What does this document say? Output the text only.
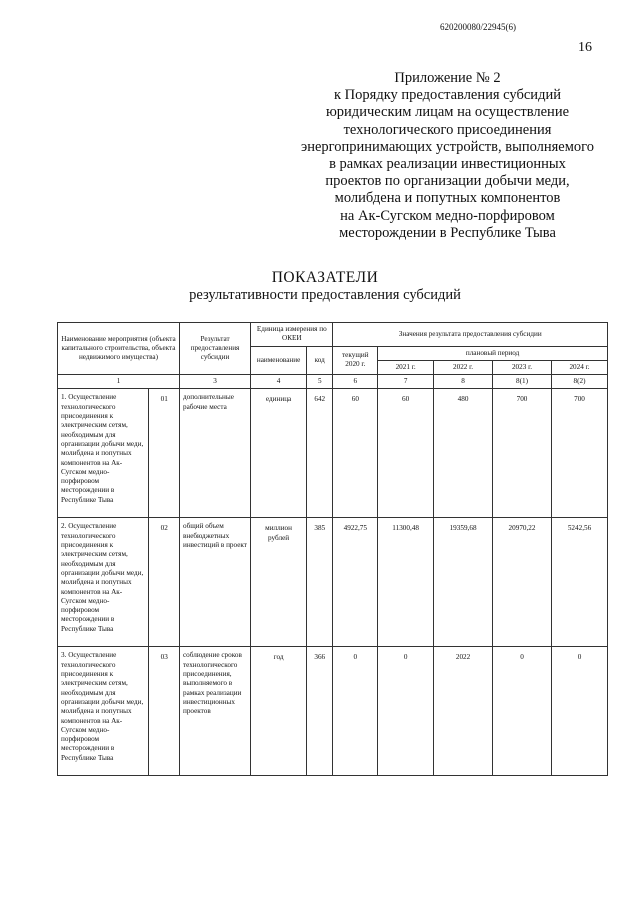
620200080/22945(6)
16
Приложение № 2
к Порядку предоставления субсидий
юридическим лицам на осуществление
технологического присоединения
энергопринимающих устройств, выполняемого
в рамках реализации инвестиционных
проектов по организации добычи меди,
молибдена и попутных компонентов
на Ак-Сугском медно-порфировом
месторождении в Республике Тыва
ПОКАЗАТЕЛИ
результативности предоставления субсидий
Наименование мероприятия (объекта капитального строительства, объекта недвижимого имущества)		Результат предоставления субсидии	Единица измерения по ОКЕИ		Значения результата предоставления субсидии				
			наименование	код	текущий 2020 г.	плановый период			
						2021 г.	2022 г.	2023 г.	2024 г.
1		3	4	5	6	7	8	8(1)	8(2)
1. Осуществление технологического присоединения к электрическим сетям, необходимым для организации добычи меди, молибдена и попутных компонентов на Ак-Сугском медно-порфировом месторождении в Республике Тыва	01	дополнительные рабочие места	единица	642	60	60	480	700	700
2. Осуществление технологического присоединения к электрическим сетям, необходимым для организации добычи меди, молибдена и попутных компонентов на Ак-Сугском медно-порфировом месторождении в Республике Тыва	02	общий объем внебюджетных инвестиций в проект	миллион рублей	385	4922,75	11300,48	19359,68	20970,22	5242,56
3. Осуществление технологического присоединения к электрическим сетям, необходимым для организации добычи меди, молибдена и попутных компонентов на Ак-Сугском медно-порфировом месторождении в Республике Тыва	03	соблюдение сроков технологического присоединения, выполняемого в рамках реализации инвестиционных проектов	год	366	0	0	2022	0	0
